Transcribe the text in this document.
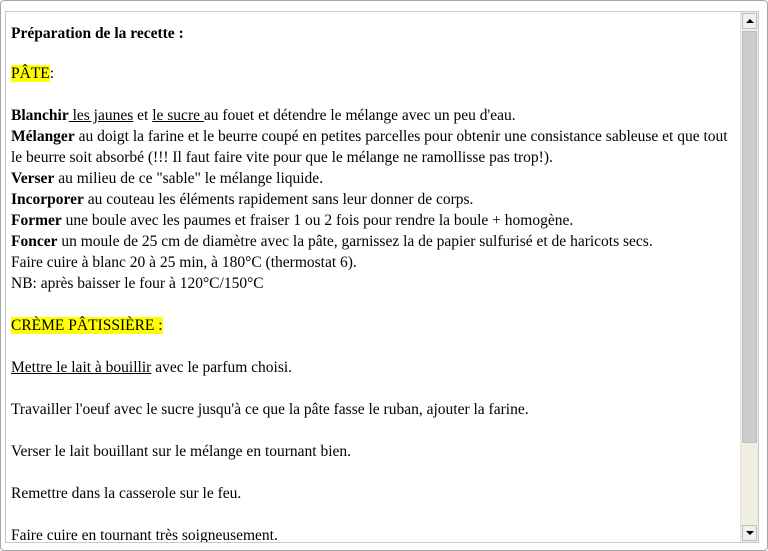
Préparation de la recette :

PÂTE:

Blanchir les jaunes et le sucre au fouet et détendre le mélange avec un peu d'eau.

Mélanger au doigt la farine et le beurre coupé en petites parcelles pour obtenir une consistance sableuse et que tout le beurre soit absorbé (!!! Il faut faire vite pour que le mélange ne ramollisse pas trop!).

Verser au milieu de ce "sable" le mélange liquide.

Incorporer au couteau les éléments rapidement sans leur donner de corps.

Former une boule avec les paumes et fraiser 1 ou 2 fois pour rendre la boule + homogène.

Foncer un moule de 25 cm de diamètre avec la pâte, garnissez la de papier sulfurisé et de haricots secs.

Faire cuire à blanc 20 à 25 min, à 180°C (thermostat 6).

NB: après baisser le four à 120°C/150°C

CRÈME PÂTISSIÈRE :

Mettre le lait à bouillir avec le parfum choisi.

Travailler l'oeuf avec le sucre jusqu'à ce que la pâte fasse le ruban, ajouter la farine.

Verser le lait bouillant sur le mélange en tournant bien.

Remettre dans la casserole sur le feu.

Faire cuire en tournant très soigneusement.
